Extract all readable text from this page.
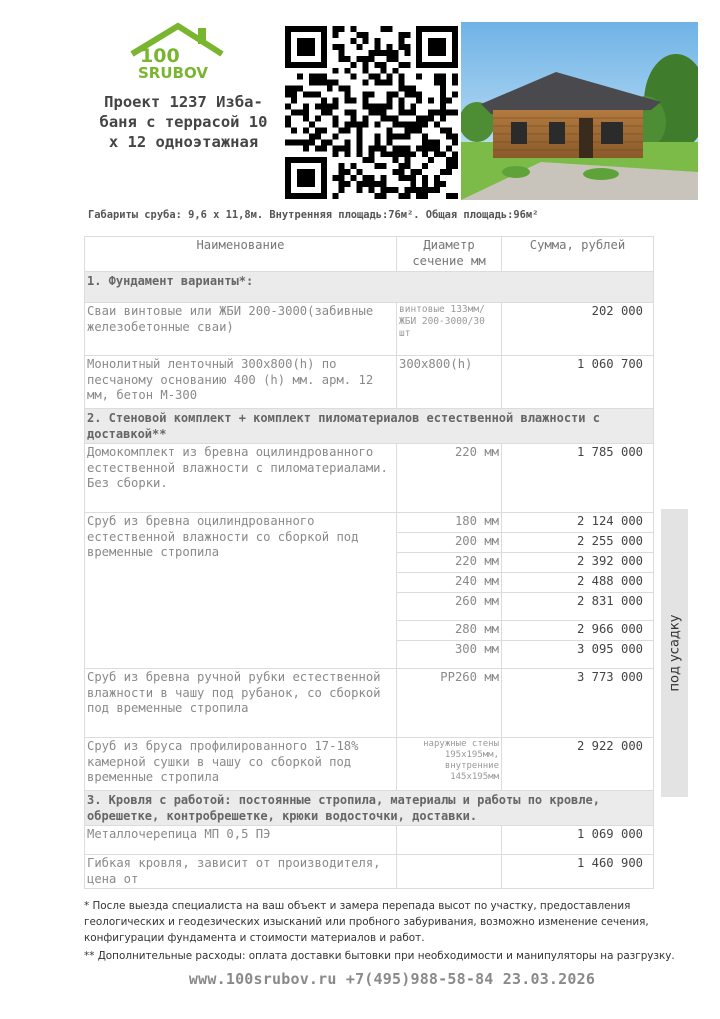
100
SRUBOV
Проект 1237 Изба-баня с террасой 10 х 12 одноэтажная
Габариты сруба: 9,6 х 11,8м. Внутренняя площадь:76м². Общая площадь:96м²
Наименование	Диаметр сечение мм	Сумма, рублей
1. Фундамент варианты*:		
Сваи винтовые или ЖБИ 200-3000(забивные железобетонные сваи)	винтовые 133мм/ЖБИ 200-3000/30 шт	202 000
Монолитный ленточный 300х800(h) по песчаному основанию 400 (h) мм. арм. 12 мм, бетон М-300	300х800(h)	1 060 700
2. Стеновой комплект + комплект пиломатериалов естественной влажности с доставкой**		
Домокомплект из бревна оцилиндрованного естественной влажности с пиломатериалами. Без сборки.	220 мм	1 785 000
Сруб из бревна оцилиндрованного естественной влажности со сборкой под временные стропила	180 мм	2 124 000
	200 мм	2 255 000
	220 мм	2 392 000
	240 мм	2 488 000
	260 мм	2 831 000
	280 мм	2 966 000
	300 мм	3 095 000
Сруб из бревна ручной рубки естественной влажности в чашу под рубанок, со сборкой под временные стропила	РР260 мм	3 773 000
Сруб из бруса профилированного 17-18% камерной сушки в чашу со сборкой под временные стропила	наружные стены 195х195мм, внутренние 145х195мм	2 922 000
3. Кровля с работой: постоянные стропила, материалы и работы по кровле, обрешетке, контробрешетке, крюки водосточки, доставки.		
Металлочерепица МП 0,5 ПЭ		1 069 000
Гибкая кровля, зависит от производителя, цена от		1 460 900
под усадку
* После выезда специалиста на ваш объект и замера перепада высот по участку, предоставления геологических и геодезических изысканий или пробного забуривания, возможно изменение сечения, конфигурации фундамента и стоимости материалов и работ.
** Дополнительные расходы: оплата доставки бытовки при необходимости и манипуляторы на разгрузку.
www.100srubov.ru +7(495)988-58-84 23.03.2026
